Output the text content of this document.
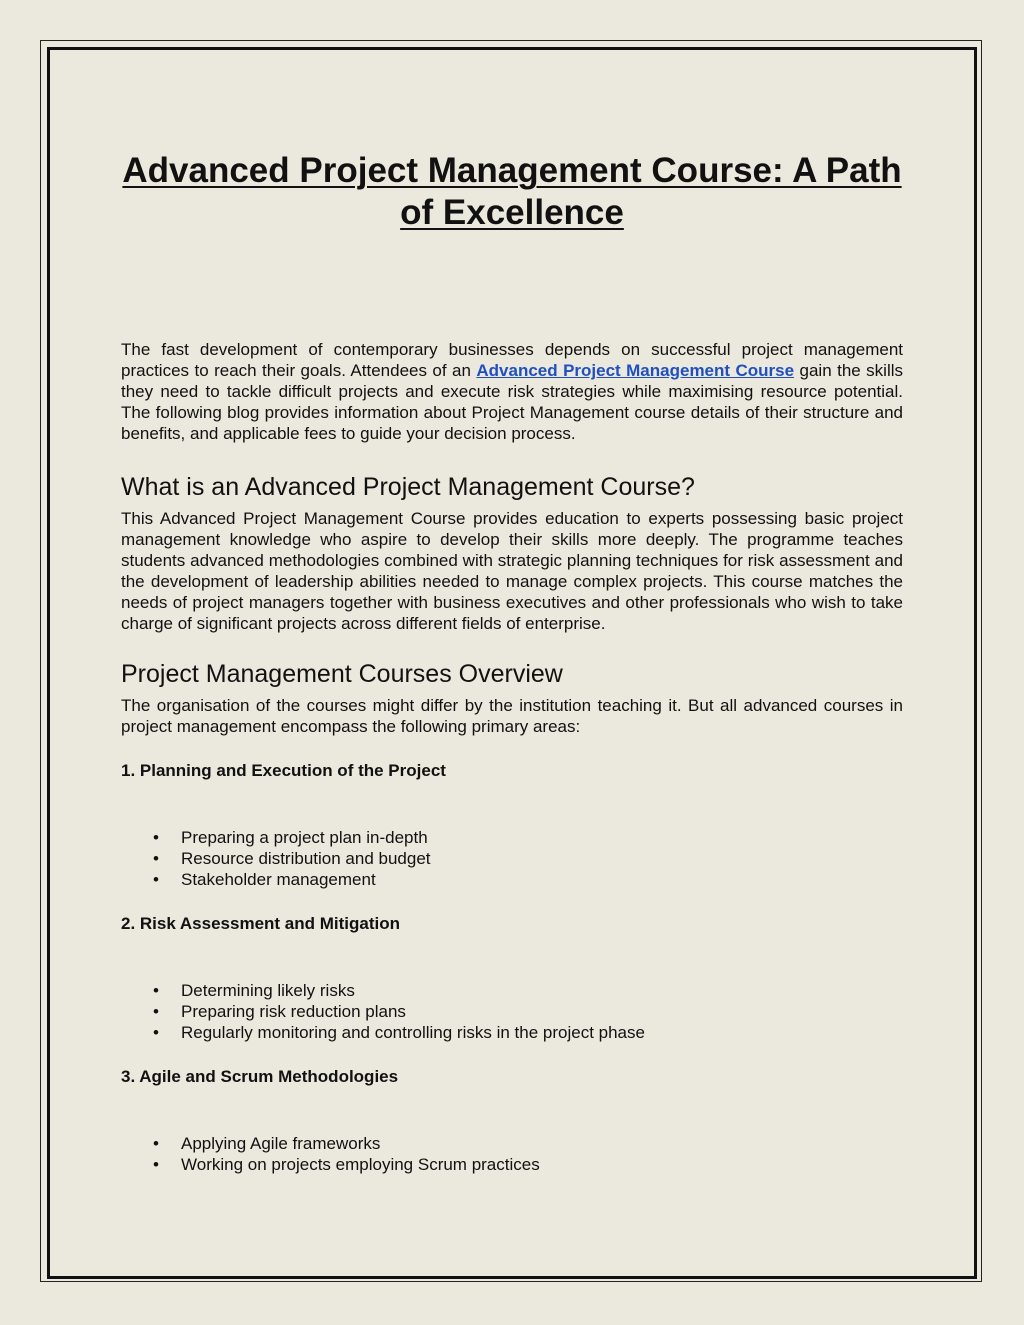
Advanced Project Management Course: A Path of Excellence

The fast development of contemporary businesses depends on successful project management practices to reach their goals. Attendees of an Advanced Project Management Course gain the skills they need to tackle difficult projects and execute risk strategies while maximising resource potential. The following blog provides information about Project Management course details of their structure and benefits, and applicable fees to guide your decision process.

What is an Advanced Project Management Course?

This Advanced Project Management Course provides education to experts possessing basic project management knowledge who aspire to develop their skills more deeply. The programme teaches students advanced methodologies combined with strategic planning techniques for risk assessment and the development of leadership abilities needed to manage complex projects. This course matches the needs of project managers together with business executives and other professionals who wish to take charge of significant projects across different fields of enterprise.

Project Management Courses Overview

The organisation of the courses might differ by the institution teaching it. But all advanced courses in project management encompass the following primary areas:

1. Planning and Execution of the Project
• Preparing a project plan in-depth
• Resource distribution and budget
• Stakeholder management
2. Risk Assessment and Mitigation
• Determining likely risks
• Preparing risk reduction plans
• Regularly monitoring and controlling risks in the project phase
3. Agile and Scrum Methodologies
• Applying Agile frameworks
• Working on projects employing Scrum practices
